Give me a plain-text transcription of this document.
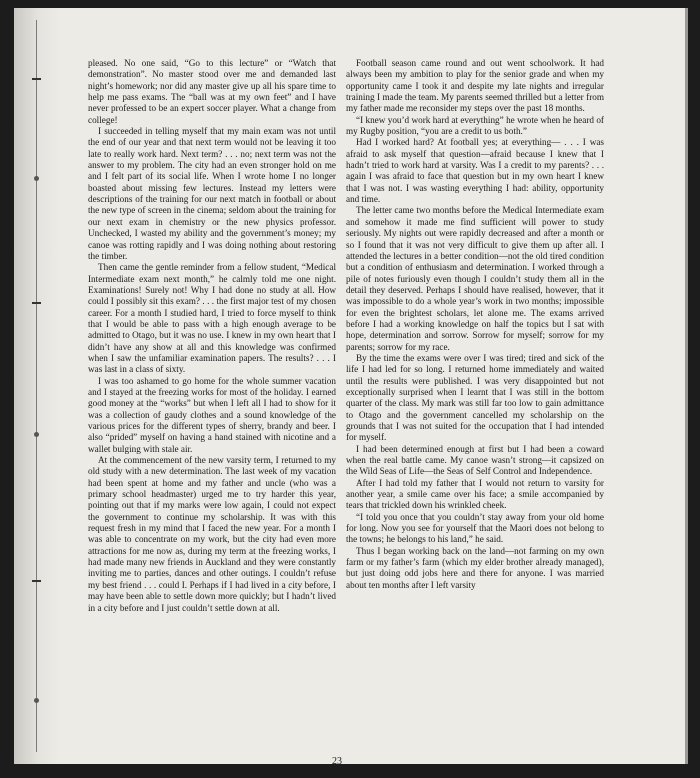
pleased. No one said, “Go to this lecture” or “Watch that demonstration”. No master stood over me and demanded last night’s homework; nor did any master give up all his spare time to help me pass exams. The “ball was at my own feet” and I have never professed to be an expert soccer player. What a change from college!

I succeeded in telling myself that my main exam was not until the end of our year and that next term would not be leaving it too late to really work hard. Next term? . . . no; next term was not the answer to my problem. The city had an even stronger hold on me and I felt part of its social life. When I wrote home I no longer boasted about missing few lectures. Instead my letters were descriptions of the training for our next match in football or about the new type of screen in the cinema; seldom about the training for our next exam in chemistry or the new physics professor. Unchecked, I wasted my ability and the government’s money; my canoe was rotting rapidly and I was doing nothing about restoring the timber.

Then came the gentle reminder from a fellow student, “Medical Intermediate exam next month,” he calmly told me one night. Examinations! Surely not! Why I had done no study at all. How could I possibly sit this exam? . . . the first major test of my chosen career. For a month I studied hard, I tried to force myself to think that I would be able to pass with a high enough average to be admitted to Otago, but it was no use. I knew in my own heart that I didn’t have any show at all and this knowledge was confirmed when I saw the unfamiliar examination papers. The results? . . . I was last in a class of sixty.

I was too ashamed to go home for the whole summer vacation and I stayed at the freezing works for most of the holiday. I earned good money at the “works” but when I left all I had to show for it was a collection of gaudy clothes and a sound knowledge of the various prices for the different types of sherry, brandy and beer. I also “prided” myself on having a hand stained with nicotine and a wallet bulging with stale air.

At the commencement of the new varsity term, I returned to my old study with a new determination. The last week of my vacation had been spent at home and my father and uncle (who was a primary school headmaster) urged me to try harder this year, pointing out that if my marks were low again, I could not expect the government to continue my scholarship. It was with this request fresh in my mind that I faced the new year. For a month I was able to concentrate on my work, but the city had even more attractions for me now as, during my term at the freezing works, I had made many new friends in Auckland and they were constantly inviting me to parties, dances and other outings. I couldn’t refuse my best friend . . . could I. Perhaps if I had lived in a city before, I may have been able to settle down more quickly; but I hadn’t lived in a city before and I just couldn’t settle down at all.

Football season came round and out went schoolwork. It had always been my ambition to play for the senior grade and when my opportunity came I took it and despite my late nights and irregular training I made the team. My parents seemed thrilled but a letter from my father made me reconsider my steps over the past 18 months.

“I knew you’d work hard at everything” he wrote when he heard of my Rugby position, “you are a credit to us both.”

Had I worked hard? At football yes; at everything— . . . I was afraid to ask myself that question—afraid because I knew that I hadn’t tried to work hard at varsity. Was I a credit to my parents? . . . again I was afraid to face that question but in my own heart I knew that I was not. I was wasting everything I had: ability, opportunity and time.

The letter came two months before the Medical Intermediate exam and somehow it made me find sufficient will power to study seriously. My nights out were rapidly decreased and after a month or so I found that it was not very difficult to give them up after all. I attended the lectures in a better condition—not the old tired condition but a condition of enthusiasm and determination. I worked through a pile of notes furiously even though I couldn’t study them all in the detail they deserved. Perhaps I should have realised, however, that it was impossible to do a whole year’s work in two months; impossible for even the brightest scholars, let alone me. The exams arrived before I had a working knowledge on half the topics but I sat with hope, determination and sorrow. Sorrow for myself; sorrow for my parents; sorrow for my race.

By the time the exams were over I was tired; tired and sick of the life I had led for so long. I returned home immediately and waited until the results were published. I was very disappointed but not exceptionally surprised when I learnt that I was still in the bottom quarter of the class. My mark was still far too low to gain admittance to Otago and the government cancelled my scholarship on the grounds that I was not suited for the occupation that I had intended for myself.

I had been determined enough at first but I had been a coward when the real battle came. My canoe wasn’t strong—it capsized on the Wild Seas of Life—the Seas of Self Control and Independence.

After I had told my father that I would not return to varsity for another year, a smile came over his face; a smile accompanied by tears that trickled down his wrinkled cheek.

“I told you once that you couldn’t stay away from your old home for long. Now you see for yourself that the Maori does not belong to the towns; he belongs to his land,” he said.

Thus I began working back on the land—not farming on my own farm or my father’s farm (which my elder brother already managed), but just doing odd jobs here and there for anyone. I was married about ten months after I left varsity

23
